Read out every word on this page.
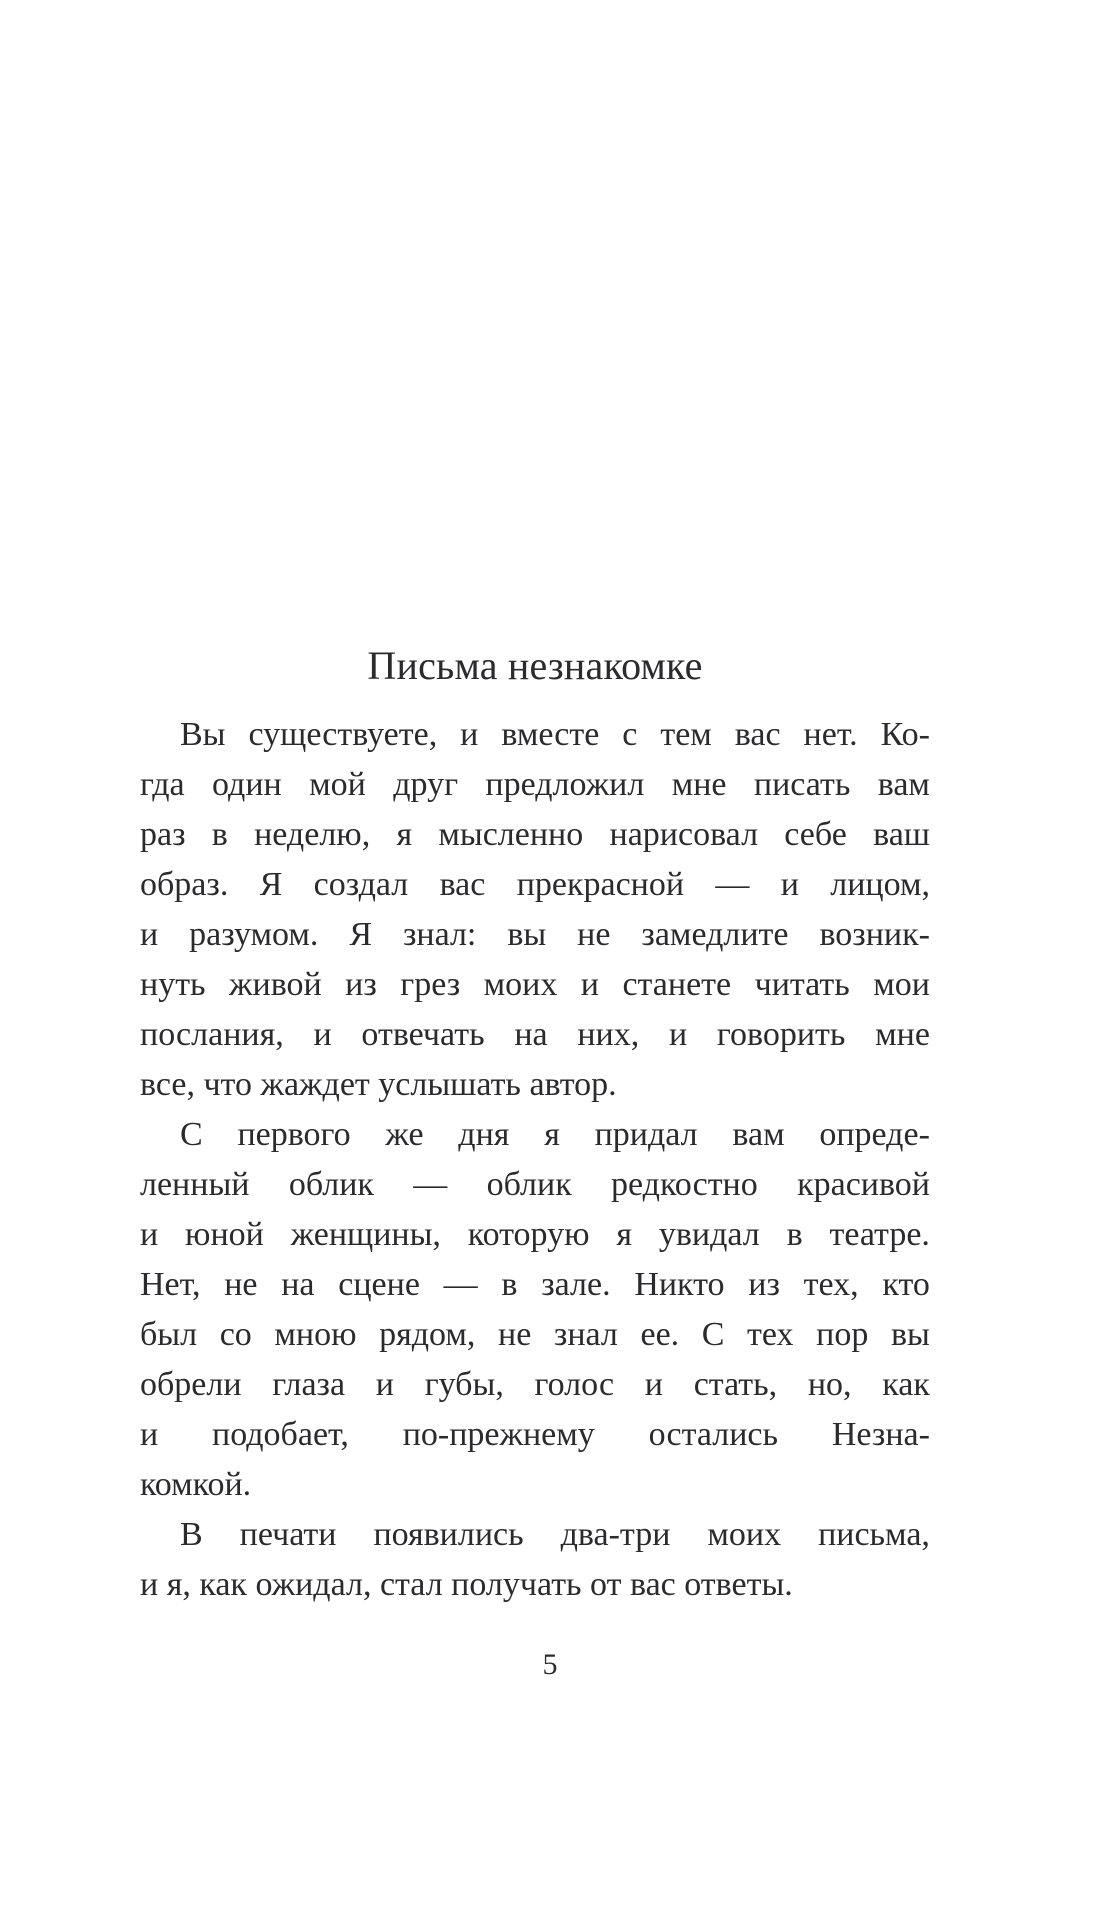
Письма незнакомке

Вы существуете, и вместе с тем вас нет. Ко-
гда один мой друг предложил мне писать вам
раз в неделю, я мысленно нарисовал себе ваш
образ. Я создал вас прекрасной — и лицом,
и разумом. Я знал: вы не замедлите возник-
нуть живой из грез моих и станете читать мои
послания, и отвечать на них, и говорить мне
все, что жаждет услышать автор.

С первого же дня я придал вам опреде-
ленный облик — облик редкостно красивой
и юной женщины, которую я увидал в театре.
Нет, не на сцене — в зале. Никто из тех, кто
был со мною рядом, не знал ее. С тех пор вы
обрели глаза и губы, голос и стать, но, как
и подобает, по-прежнему остались Незна-
комкой.

В печати появились два-три моих письма,
и я, как ожидал, стал получать от вас ответы.

5
